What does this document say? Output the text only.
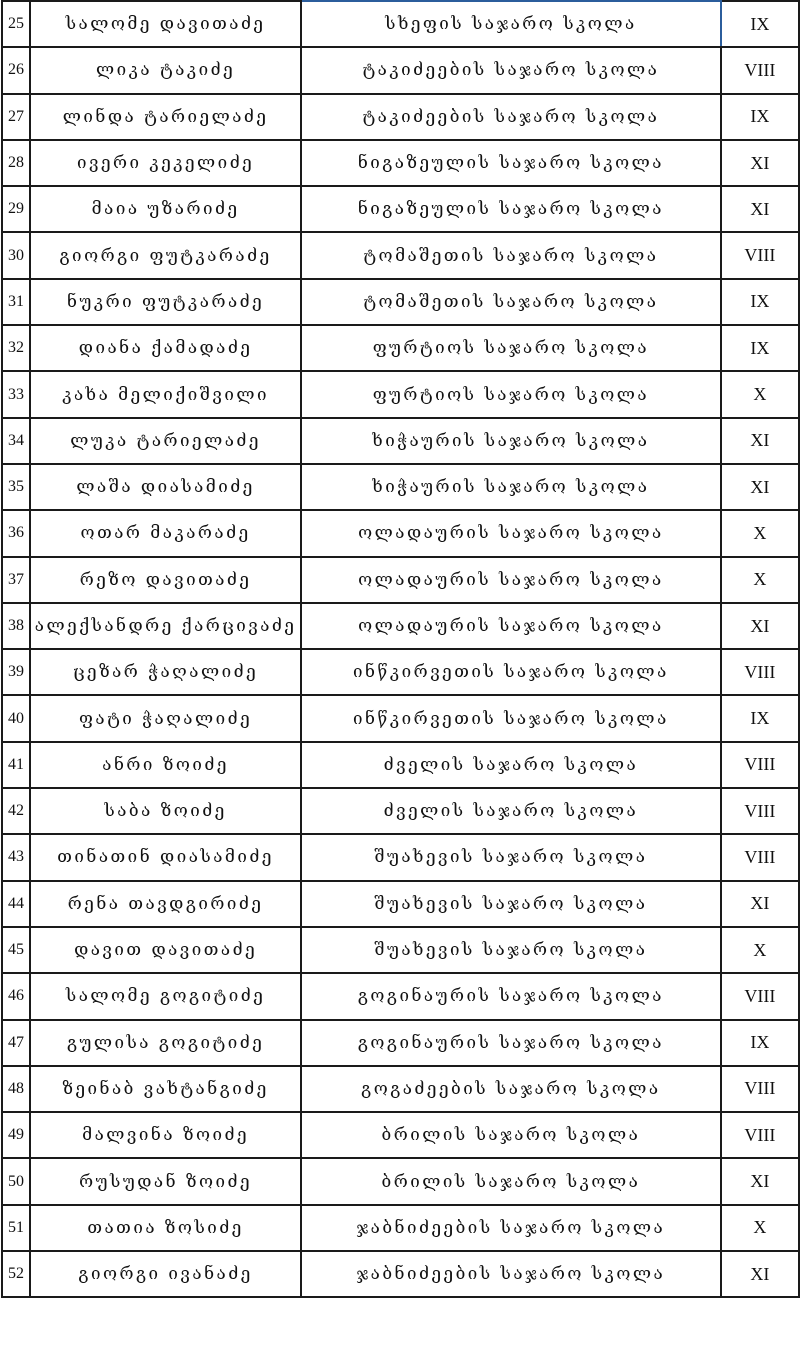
25	სალომე დავითაძე	სხეფის საჯარო სკოლა	IX
26	ლიკა ტაკიძე	ტაკიძეების საჯარო სკოლა	VIII
27	ლინდა ტარიელაძე	ტაკიძეების საჯარო სკოლა	IX
28	ივერი კეკელიძე	ნიგაზეულის საჯარო სკოლა	XI
29	მაია უზარიძე	ნიგაზეულის საჯარო სკოლა	XI
30	გიორგი ფუტკარაძე	ტომაშეთის საჯარო სკოლა	VIII
31	ნუკრი ფუტკარაძე	ტომაშეთის საჯარო სკოლა	IX
32	დიანა ქამადაძე	ფურტიოს საჯარო სკოლა	IX
33	კახა მელიქიშვილი	ფურტიოს საჯარო სკოლა	X
34	ლუკა ტარიელაძე	ხიჭაურის საჯარო სკოლა	XI
35	ლაშა დიასამიძე	ხიჭაურის საჯარო სკოლა	XI
36	ოთარ მაკარაძე	ოლადაურის საჯარო სკოლა	X
37	რეზო დავითაძე	ოლადაურის საჯარო სკოლა	X
38	ალექსანდრე ქარცივაძე	ოლადაურის საჯარო სკოლა	XI
39	ცეზარ ჭაღალიძე	ინწკირვეთის საჯარო სკოლა	VIII
40	ფატი ჭაღალიძე	ინწკირვეთის საჯარო სკოლა	IX
41	ანრი ზოიძე	ძველის საჯარო სკოლა	VIII
42	საბა ზოიძე	ძველის საჯარო სკოლა	VIII
43	თინათინ დიასამიძე	შუახევის საჯარო სკოლა	VIII
44	რენა თავდგირიძე	შუახევის საჯარო სკოლა	XI
45	დავით დავითაძე	შუახევის საჯარო სკოლა	X
46	სალომე გოგიტიძე	გოგინაურის საჯარო სკოლა	VIII
47	გულისა გოგიტიძე	გოგინაურის საჯარო სკოლა	IX
48	ზეინაბ ვახტანგიძე	გოგაძეების საჯარო სკოლა	VIII
49	მალვინა ზოიძე	ბრილის საჯარო სკოლა	VIII
50	რუსუდან ზოიძე	ბრილის საჯარო სკოლა	XI
51	თათია ზოსიძე	ჯაბნიძეების საჯარო სკოლა	X
52	გიორგი ივანაძე	ჯაბნიძეების საჯარო სკოლა	XI
